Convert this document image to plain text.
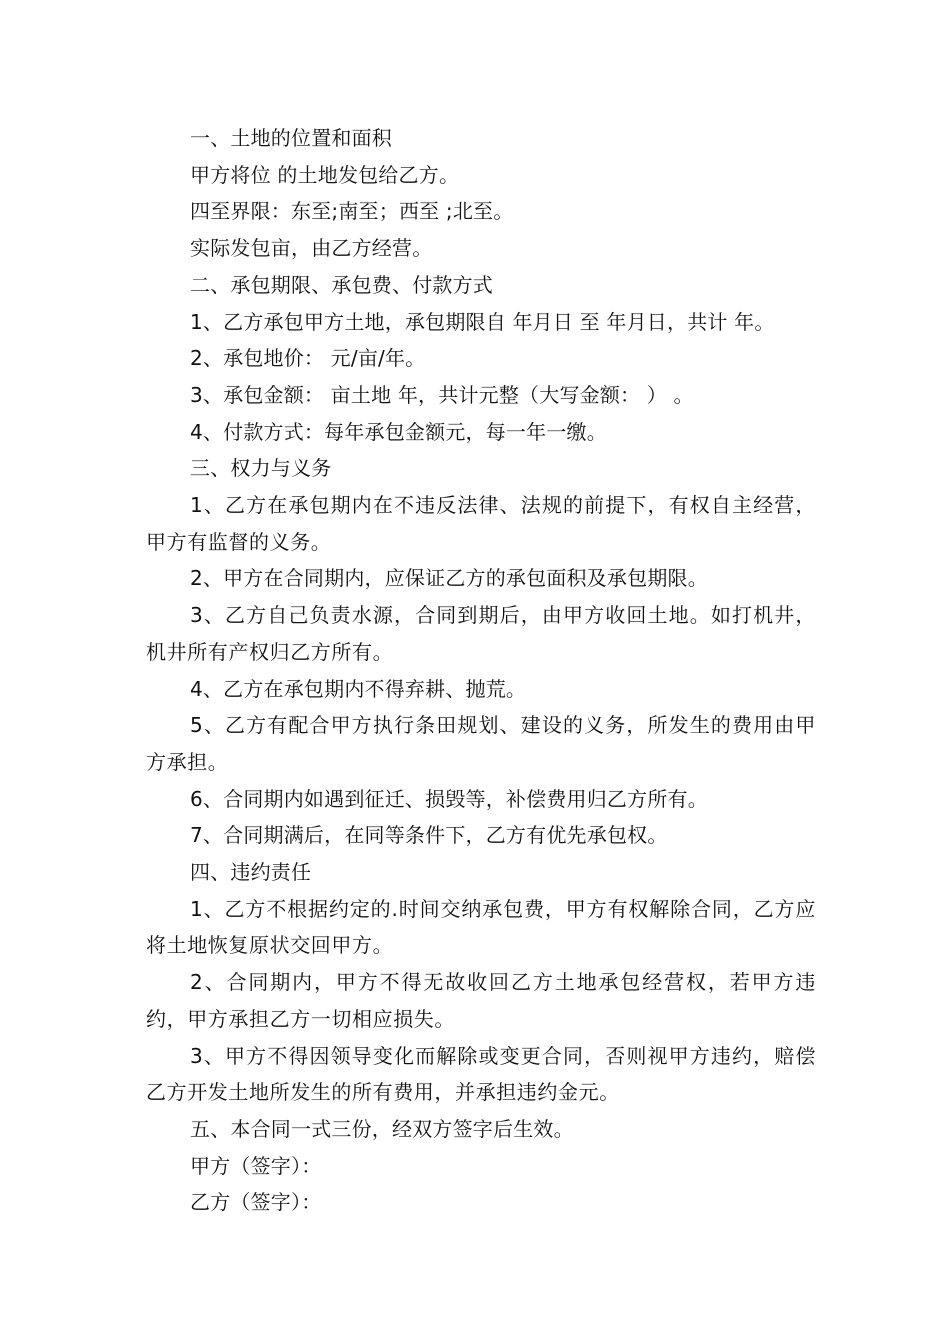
一、土地的位置和面积

甲方将位 的土地发包给乙方。

四至界限：东至;南至；西至 ;北至。

实际发包亩，由乙方经营。

二、承包期限、承包费、付款方式

1、乙方承包甲方土地，承包期限自 年月日 至 年月日，共计 年。

2、承包地价： 元/亩/年。

3、承包金额： 亩土地 年，共计元整（大写金额： ） 。

4、付款方式：每年承包金额元，每一年一缴。

三、权力与义务

1、乙方在承包期内在不违反法律、法规的前提下，有权自主经营，甲方有监督的义务。

2、甲方在合同期内，应保证乙方的承包面积及承包期限。

3、乙方自己负责水源，合同到期后，由甲方收回土地。如打机井，机井所有产权归乙方所有。

4、乙方在承包期内不得弃耕、抛荒。

5、乙方有配合甲方执行条田规划、建设的义务，所发生的费用由甲方承担。

6、合同期内如遇到征迁、损毁等，补偿费用归乙方所有。

7、合同期满后，在同等条件下，乙方有优先承包权。

四、违约责任

1、乙方不根据约定的.时间交纳承包费，甲方有权解除合同，乙方应将土地恢复原状交回甲方。

2、合同期内，甲方不得无故收回乙方土地承包经营权，若甲方违约，甲方承担乙方一切相应损失。

3、甲方不得因领导变化而解除或变更合同，否则视甲方违约，赔偿乙方开发土地所发生的所有费用，并承担违约金元。

五、本合同一式三份，经双方签字后生效。

甲方（签字）：

乙方（签字）：
